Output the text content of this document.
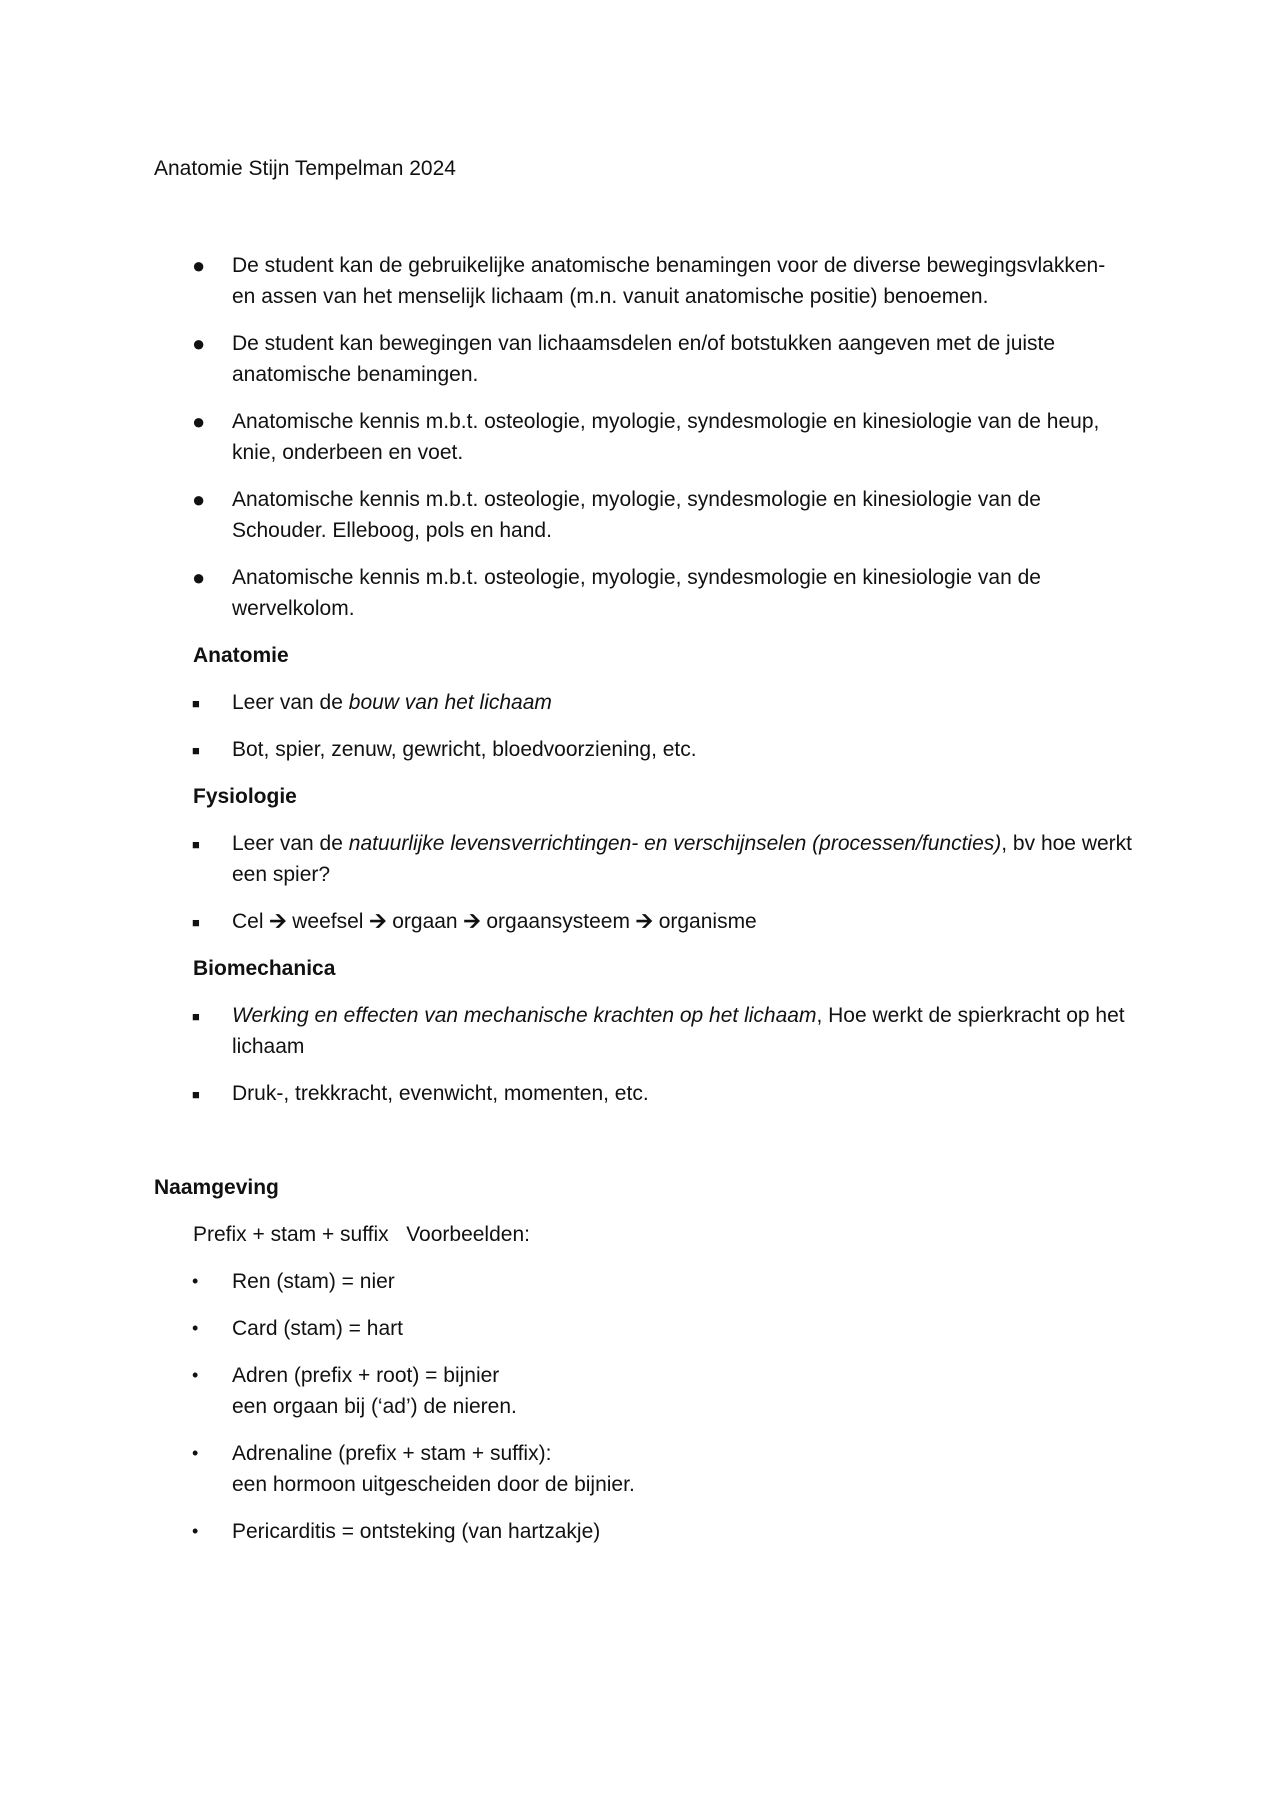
Anatomie Stijn Tempelman 2024

●	De student kan de gebruikelijke anatomische benamingen voor de diverse bewegingsvlakken- en assen van het menselijk lichaam (m.n. vanuit anatomische positie) benoemen.
●	De student kan bewegingen van lichaamsdelen en/of botstukken aangeven met de juiste anatomische benamingen.
●	Anatomische kennis m.b.t. osteologie, myologie, syndesmologie en kinesiologie van de heup, knie, onderbeen en voet.
●	Anatomische kennis m.b.t. osteologie, myologie, syndesmologie en kinesiologie van de Schouder. Elleboog, pols en hand.
●	Anatomische kennis m.b.t. osteologie, myologie, syndesmologie en kinesiologie van de wervelkolom.
Anatomie
■	Leer van de bouw van het lichaam
■	Bot, spier, zenuw, gewricht, bloedvoorziening, etc.
Fysiologie
■	Leer van de natuurlijke levensverrichtingen- en verschijnselen (processen/functies), bv hoe werkt een spier?
■	Cel 🡪 weefsel 🡪 orgaan 🡪 orgaansysteem 🡪 organisme
Biomechanica
■	Werking en effecten van mechanische krachten op het lichaam, Hoe werkt de spierkracht op het lichaam
■	Druk-, trekkracht, evenwicht, momenten, etc.
Naamgeving
Prefix + stam + suffix   Voorbeelden:
•	Ren (stam) = nier
•	Card (stam) = hart
•	Adren (prefix + root) = bijnier
een orgaan bij (‘ad’) de nieren.
•	Adrenaline (prefix + stam + suffix):
een hormoon uitgescheiden door de bijnier.
•	Pericarditis = ontsteking (van hartzakje)
